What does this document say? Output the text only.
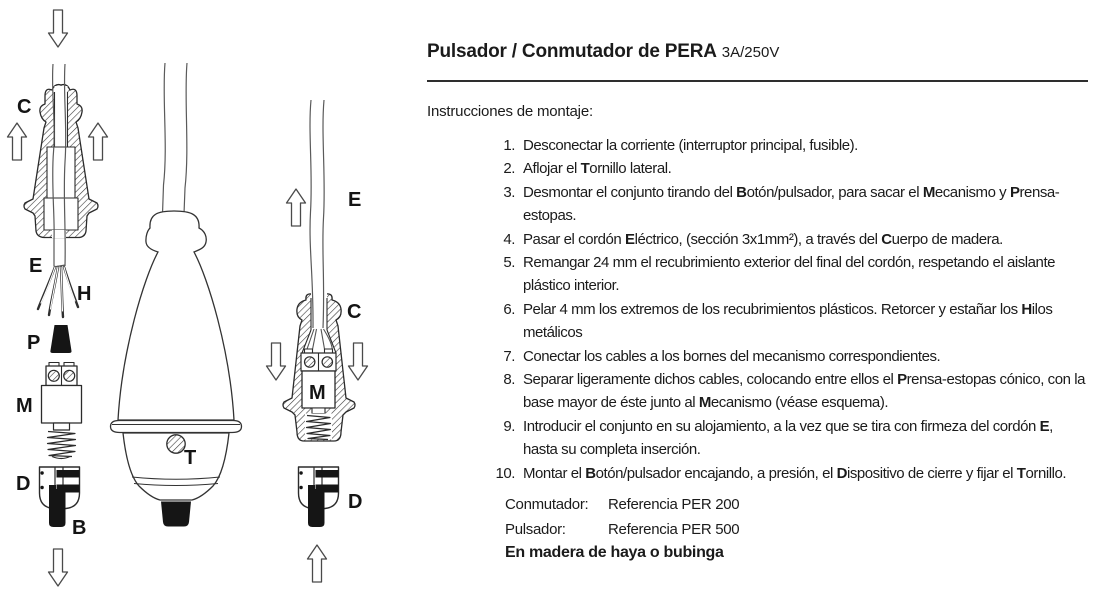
C
E
H
P
M
D
B
T
E
C
M
D
Pulsador / Conmutador de PERA 3A/250V

Instrucciones de montaje:

1. Desconectar la corriente (interruptor principal, fusible).
2. Aflojar el Tornillo lateral.
3. Desmontar el conjunto tirando del Botón/pulsador, para sacar el Mecanismo y Prensa-estopas.
4. Pasar el cordón Eléctrico, (sección 3x1mm²), a través del Cuerpo de madera.
5. Remangar 24 mm el recubrimiento exterior del final del cordón, respetando el aislante plástico interior.
6. Pelar 4 mm los extremos de los recubrimientos plásticos. Retorcer y estañar los Hilos metálicos
7. Conectar los cables a los bornes del mecanismo correspondientes.
8. Separar ligeramente dichos cables, colocando entre ellos el Prensa-estopas cónico, con la base mayor de éste junto al Mecanismo (véase esquema).
9. Introducir el conjunto en su alojamiento, a la vez que se tira con firmeza del cordón E, hasta su completa inserción.
10. Montar el Botón/pulsador encajando, a presión, el Dispositivo de cierre y fijar el Tornillo.
Conmutador:	Referencia PER 200
Pulsador:	Referencia PER 500

En madera de haya o bubinga
